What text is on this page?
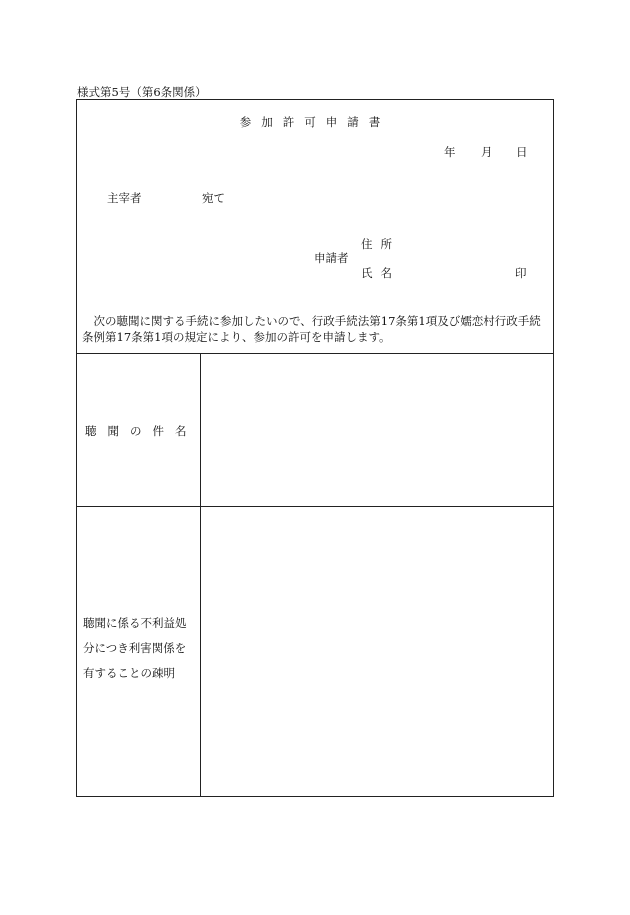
様式第5号（第6条関係）
参加許可申請書
年 月 日
主宰者	宛て
住所
申請者
氏名	印
次の聴聞に関する手続に参加したいので、行政手続法第17条第1項及び嬬恋村行政手続条例第17条第1項の規定により、参加の許可を申請します。
聴聞の件名
聴聞に係る不利益処
分につき利害関係を
有することの疎明
